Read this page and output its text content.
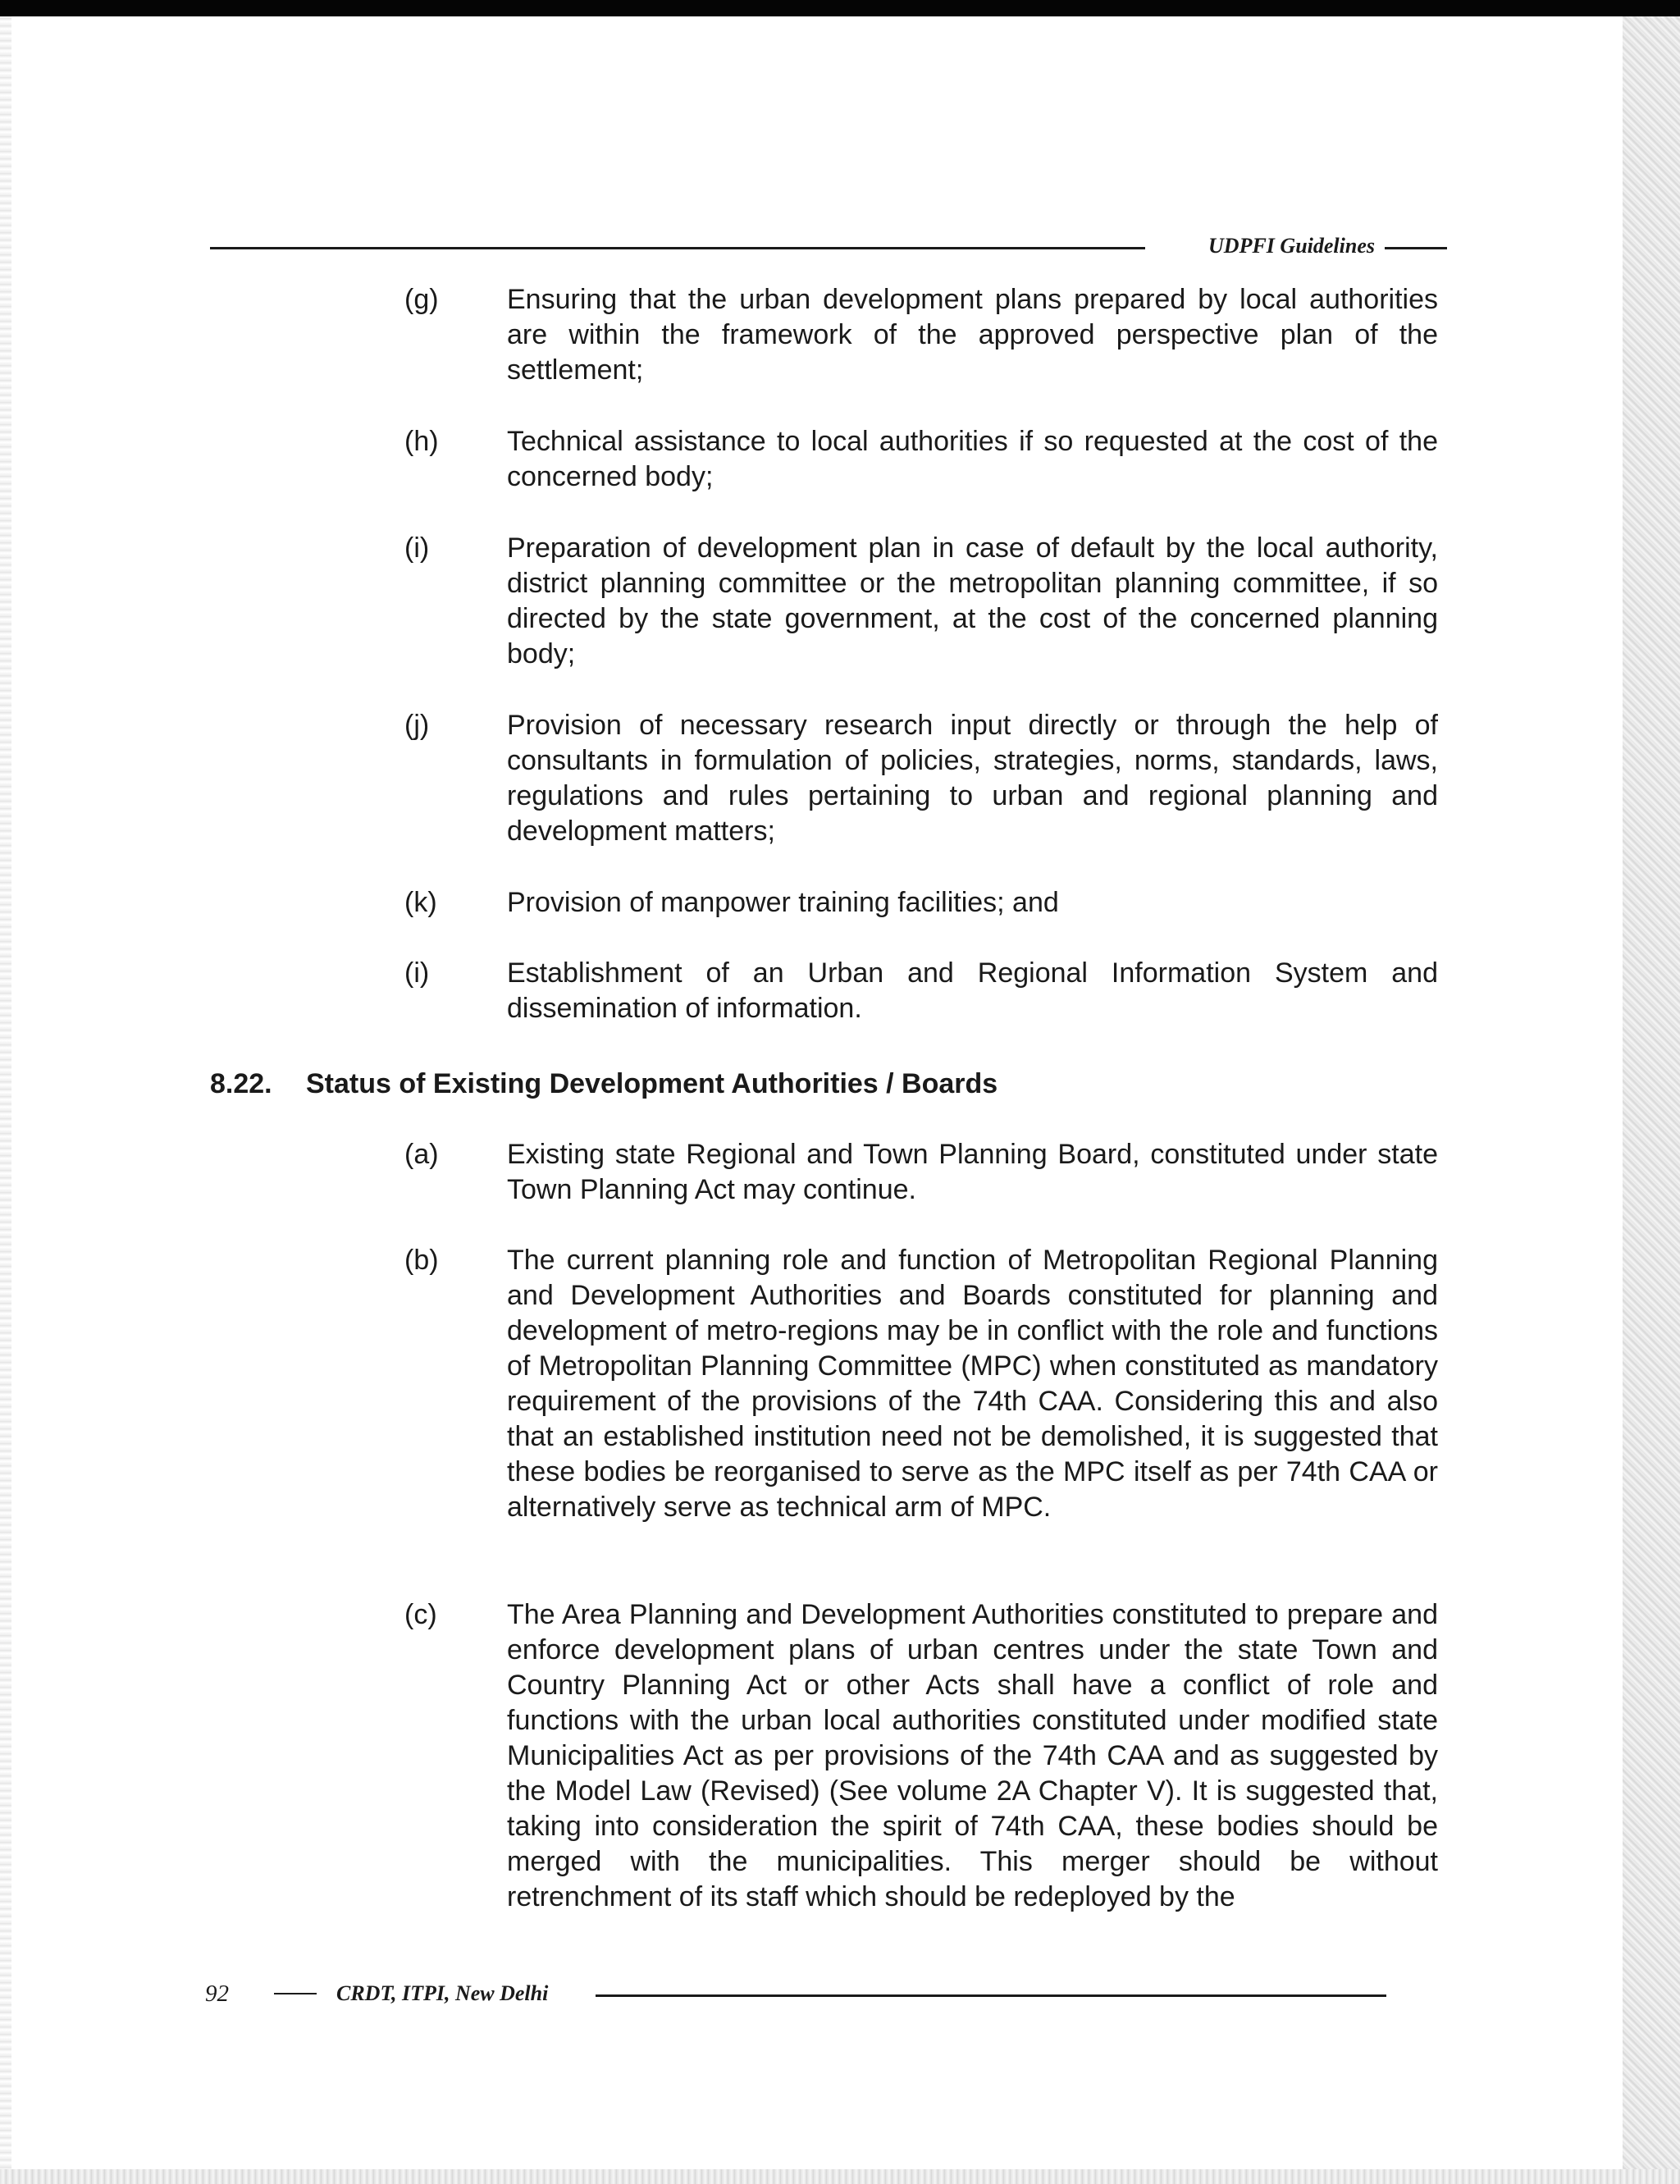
UDPFI Guidelines
(g) Ensuring that the urban development plans prepared by local authorities are within the framework of the approved perspective plan of the settlement;
(h) Technical assistance to local authorities if so requested at the cost of the concerned body;
(i)	Preparation of development plan in case of default by the local authority, district planning committee or the metropolitan planning committee, if so directed by the state government, at the cost of the concerned planning body;
(j)	Provision of necessary research input directly or through the help of consultants in formulation of policies, strategies, norms, standards, laws, regulations and rules pertaining to urban and regional planning and development matters;
(k)	Provision of manpower training facilities; and
(i)	Establishment of an Urban and Regional Information System and dissemination of information.
8.22. Status of Existing Development Authorities / Boards
(a) Existing state Regional and Town Planning Board, constituted under state Town Planning Act may continue.
(b) The current planning role and function of Metropolitan Regional Planning and Development Authorities and Boards constituted for planning and development of metro-regions may be in conflict with the role and functions of Metropolitan Planning Committee (MPC) when constituted as mandatory requirement of the provisions of the 74th CAA. Considering this and also that an established institution need not be demolished, it is suggested that these bodies be reorganised to serve as the MPC itself as per 74th CAA or alternatively serve as technical arm of MPC.
(c)	The Area Planning and Development Authorities constituted to prepare and enforce development plans of urban centres under the state Town and Country Planning Act or other Acts shall have a conflict of role and functions with the urban local authorities constituted under modified state Municipalities Act as per provisions of the 74th CAA and as suggested by the Model Law (Revised) (See volume 2A Chapter V). It is suggested that, taking into consideration the spirit of 74th CAA, these bodies should be merged with the municipalities. This merger should be without retrenchment of its staff which should be redeployed by the
92	CRDT, ITPI, New Delhi
